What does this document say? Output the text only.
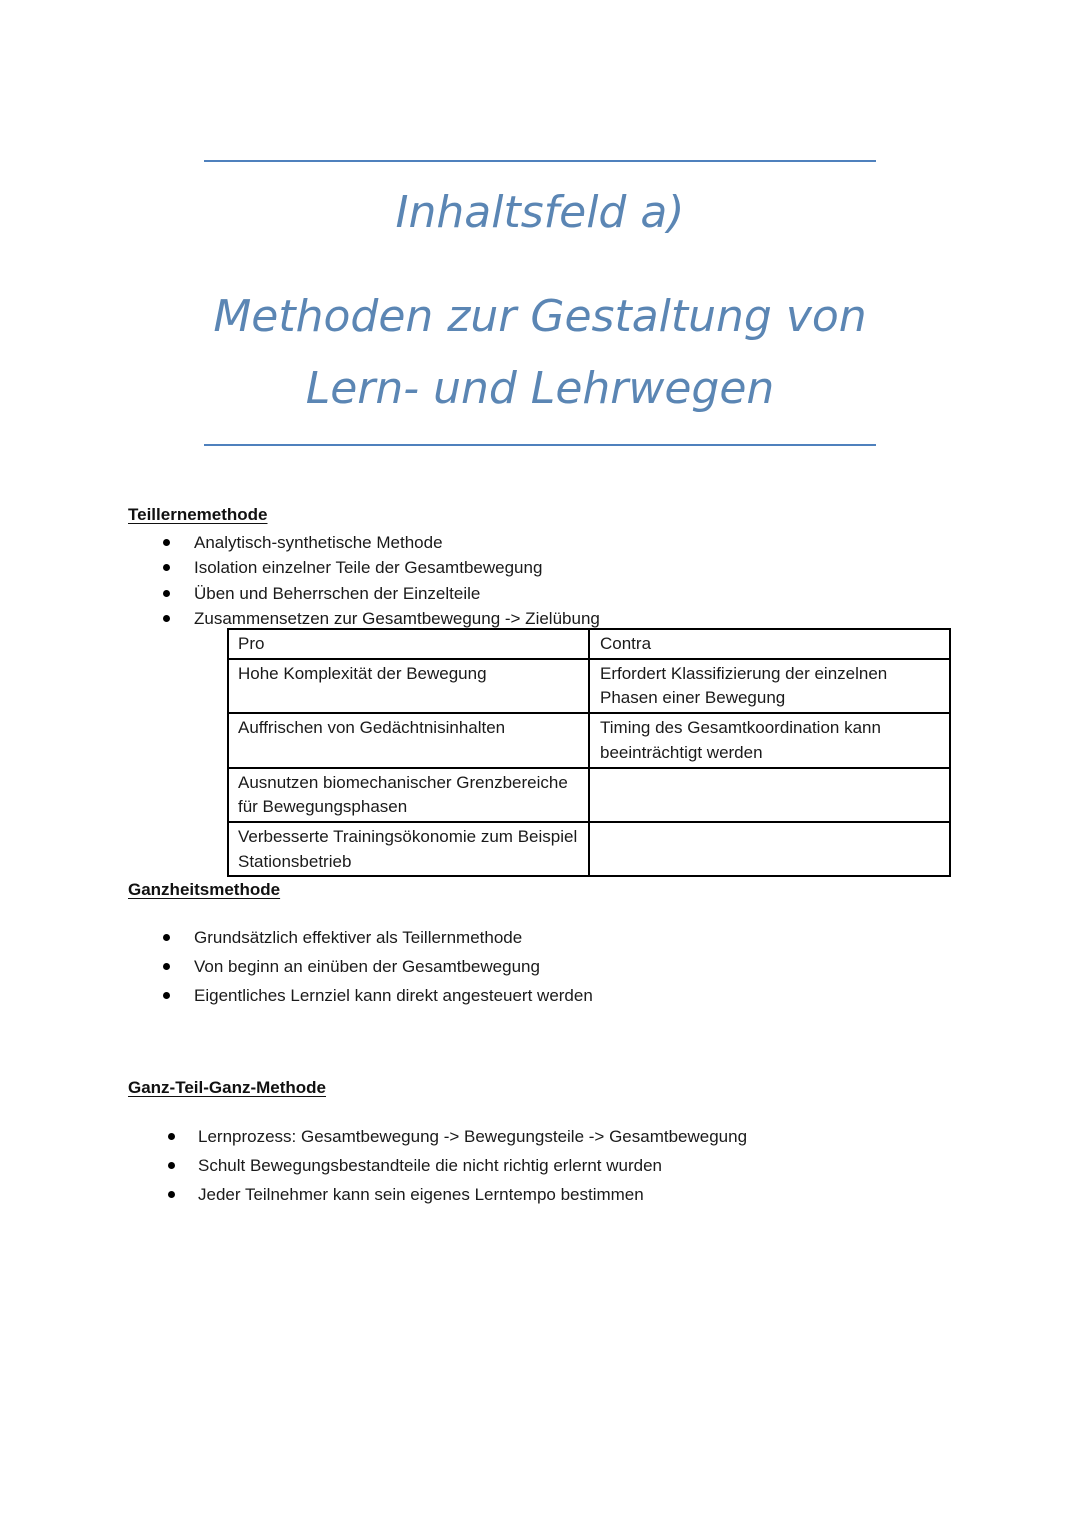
Inhaltsfeld a)
Methoden zur Gestaltung von
Lern- und Lehrwegen
Teillernemethode
Analytisch-synthetische Methode
Isolation einzelner Teile der Gesamtbewegung
Üben und Beherrschen der Einzelteile
Zusammensetzen zur Gesamtbewegung -> Zielübung
Pro	Contra
Hohe Komplexität der Bewegung	Erfordert Klassifizierung der einzelnen Phasen einer Bewegung
Auffrischen von Gedächtnisinhalten	Timing des Gesamtkoordination kann beeinträchtigt werden
Ausnutzen biomechanischer Grenzbereiche für Bewegungsphasen	
Verbesserte Trainingsökonomie zum Beispiel Stationsbetrieb	
Ganzheitsmethode
Grundsätzlich effektiver als Teillernmethode
Von beginn an einüben der Gesamtbewegung
Eigentliches Lernziel kann direkt angesteuert werden
Ganz-Teil-Ganz-Methode
Lernprozess: Gesamtbewegung -> Bewegungsteile -> Gesamtbewegung
Schult Bewegungsbestandteile die nicht richtig erlernt wurden
Jeder Teilnehmer kann sein eigenes Lerntempo bestimmen
